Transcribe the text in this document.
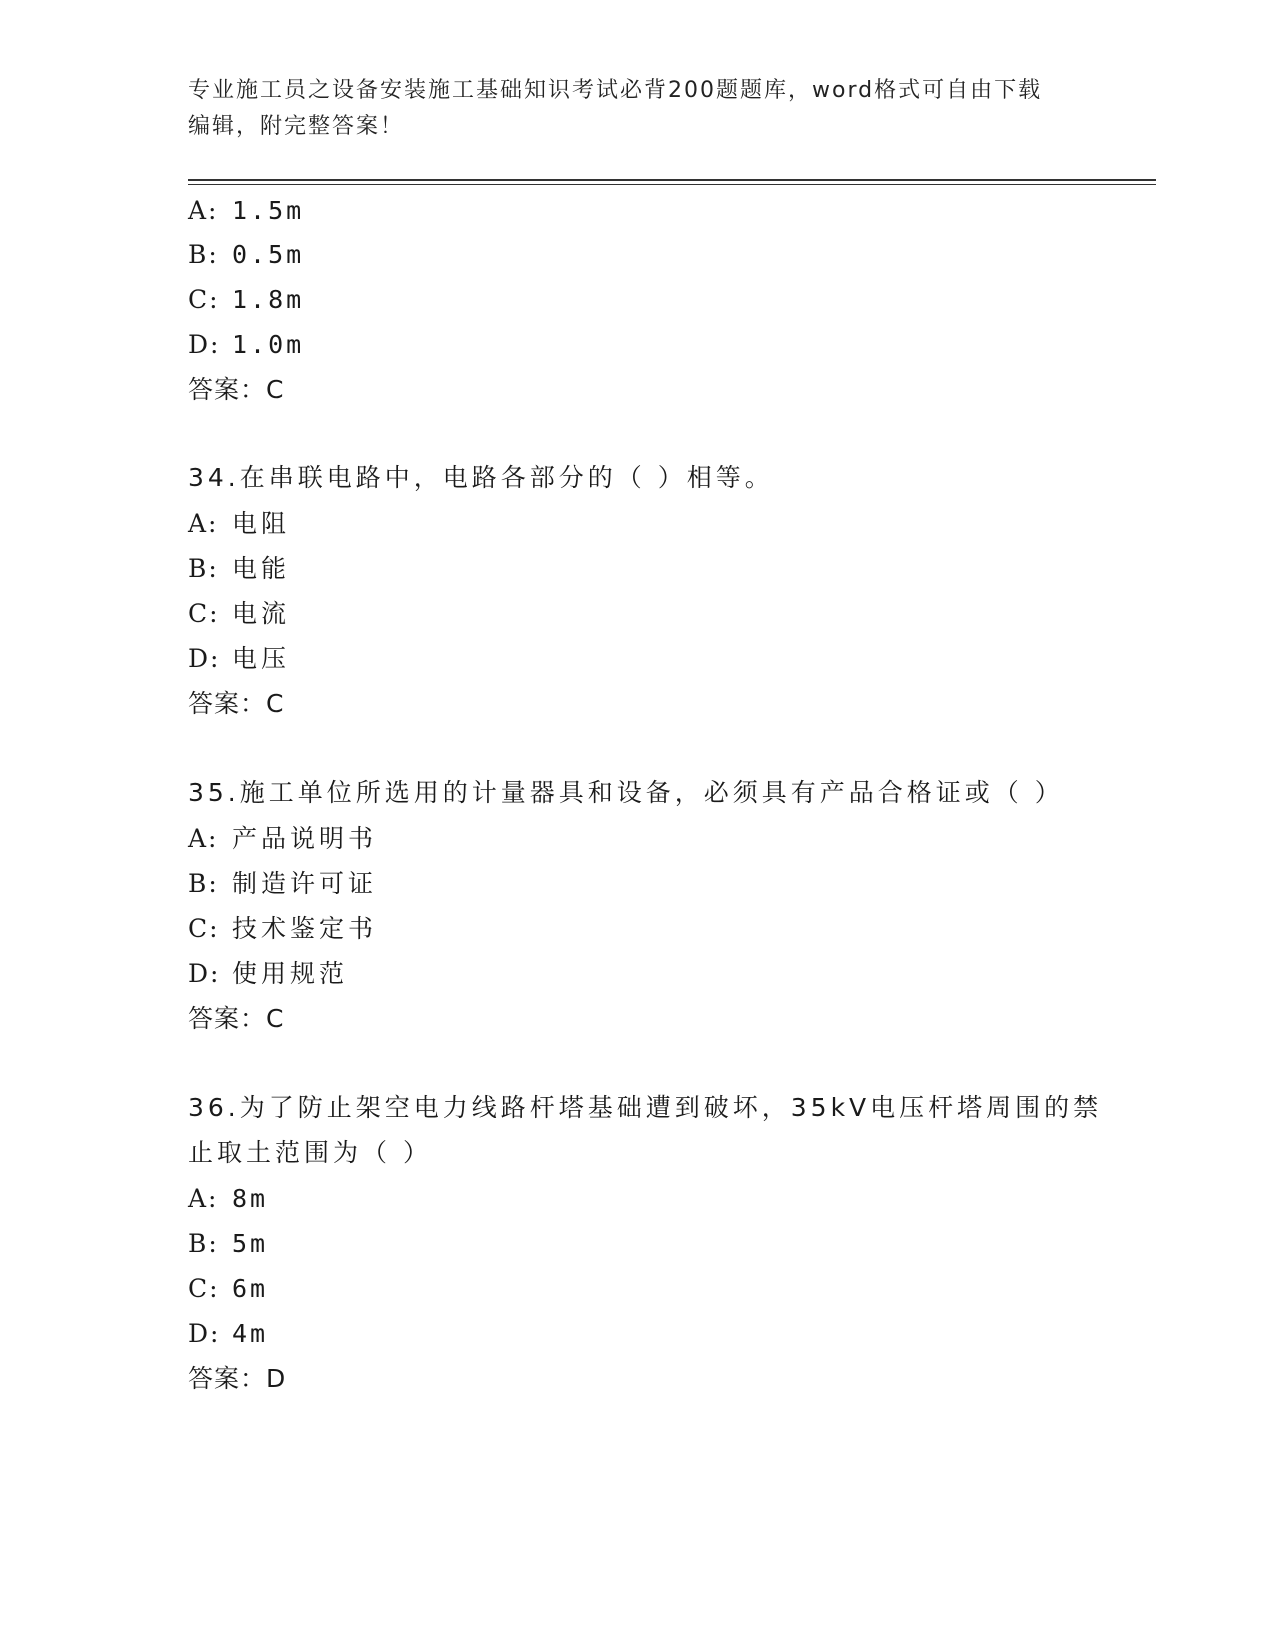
专业施工员之设备安装施工基础知识考试必背200题题库，word格式可自由下载
编辑，附完整答案！
A: 1.5m
B: 0.5m
C: 1.8m
D: 1.0m
答案：C
34.在串联电路中，电路各部分的（ ）相等。
A: 电阻
B: 电能
C: 电流
D: 电压
答案：C
35.施工单位所选用的计量器具和设备，必须具有产品合格证或（ ）
A: 产品说明书
B: 制造许可证
C: 技术鉴定书
D: 使用规范
答案：C
36.为了防止架空电力线路杆塔基础遭到破坏，35kV电压杆塔周围的禁
止取土范围为（ ）
A: 8m
B: 5m
C: 6m
D: 4m
答案：D
